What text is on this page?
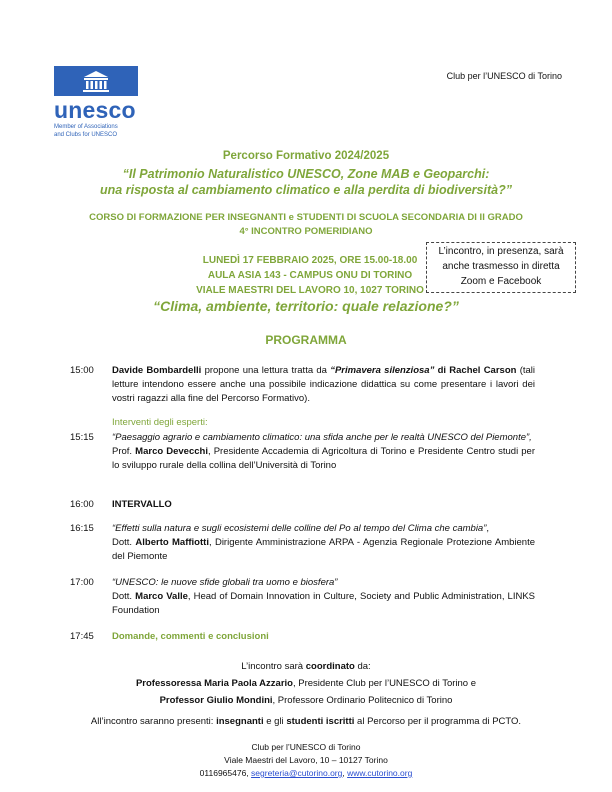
unesco
Member of Associations
and Clubs for UNESCO
Club per l’UNESCO di Torino
Percorso Formativo 2024/2025
“Il Patrimonio Naturalistico UNESCO, Zone MAB e Geoparchi:
una risposta al cambiamento climatico e alla perdita di biodiversità?”
CORSO DI FORMAZIONE PER INSEGNANTI e STUDENTI DI SCUOLA SECONDARIA DI II GRADO
4° INCONTRO POMERIDIANO
LUNEDÌ 17 FEBBRAIO 2025, ORE 15.00-18.00
AULA ASIA 143 - CAMPUS ONU DI TORINO
VIALE MAESTRI DEL LAVORO 10, 1027 TORINO
L’incontro, in presenza, sarà
anche trasmesso in diretta
Zoom e Facebook
“Clima, ambiente, territorio: quale relazione?”
PROGRAMMA
15:00 Davide Bombardelli propone una lettura tratta da “Primavera silenziosa” di Rachel Carson (tali letture intendono essere anche una possibile indicazione didattica su come presentare i lavori dei vostri ragazzi alla fine del Percorso Formativo).
Interventi degli esperti:
15:15 “Paesaggio agrario e cambiamento climatico: una sfida anche per le realtà UNESCO del Piemonte”,
Prof. Marco Devecchi, Presidente Accademia di Agricoltura di Torino e Presidente Centro studi per lo sviluppo rurale della collina dell’Università di Torino
16:00 INTERVALLO
16:15 “Effetti sulla natura e sugli ecosistemi delle colline del Po al tempo del Clima che cambia”,
Dott. Alberto Maffiotti, Dirigente Amministrazione ARPA - Agenzia Regionale Protezione Ambiente del Piemonte
17:00 “UNESCO: le nuove sfide globali tra uomo e biosfera”
Dott. Marco Valle, Head of Domain Innovation in Culture, Society and Public Administration, LINKS Foundation
17:45 Domande, commenti e conclusioni
L’incontro sarà coordinato da:
Professoressa Maria Paola Azzario, Presidente Club per l’UNESCO di Torino e
Professor Giulio Mondini, Professore Ordinario Politecnico di Torino
All’incontro saranno presenti: insegnanti e gli studenti iscritti al Percorso per il programma di PCTO.
Club per l’UNESCO di Torino
Viale Maestri del Lavoro, 10 – 10127 Torino
0116965476, segreteria@cutorino.org, www.cutorino.org
